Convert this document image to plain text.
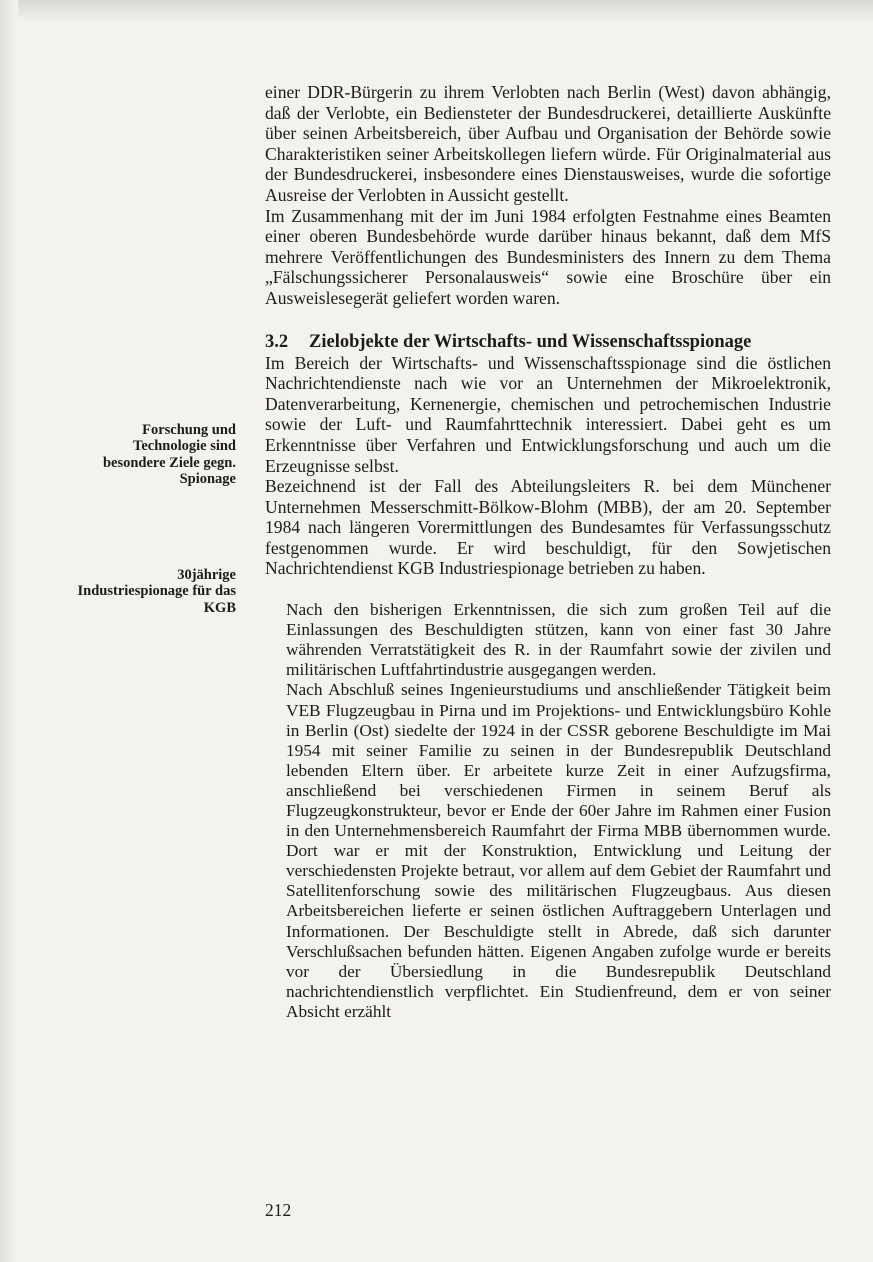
Forschung und Technologie sind besondere Ziele gegn. Spionage
30jährige Industriespionage für das KGB

einer DDR-Bürgerin zu ihrem Verlobten nach Berlin (West) davon abhängig, daß der Verlobte, ein Bediensteter der Bundesdruckerei, detaillierte Auskünfte über seinen Arbeitsbereich, über Aufbau und Organisation der Behörde sowie Charakteristiken seiner Arbeitskollegen liefern würde. Für Originalmaterial aus der Bundesdruckerei, insbesondere eines Dienstausweises, wurde die sofortige Ausreise der Verlobten in Aussicht gestellt.

Im Zusammenhang mit der im Juni 1984 erfolgten Festnahme eines Beamten einer oberen Bundesbehörde wurde darüber hinaus bekannt, daß dem MfS mehrere Veröffentlichungen des Bundesministers des Innern zu dem Thema „Fälschungssicherer Personalausweis“ sowie eine Broschüre über ein Ausweislesegerät geliefert worden waren.

3.2 Zielobjekte der Wirtschafts- und Wissenschaftsspionage

Im Bereich der Wirtschafts- und Wissenschaftsspionage sind die östlichen Nachrichtendienste nach wie vor an Unternehmen der Mikroelektronik, Datenverarbeitung, Kernenergie, chemischen und petrochemischen Industrie sowie der Luft- und Raumfahrttechnik interessiert. Dabei geht es um Erkenntnisse über Verfahren und Entwicklungsforschung und auch um die Erzeugnisse selbst.

Bezeichnend ist der Fall des Abteilungsleiters R. bei dem Münchener Unternehmen Messerschmitt-Bölkow-Blohm (MBB), der am 20. September 1984 nach längeren Vorermittlungen des Bundesamtes für Verfassungsschutz festgenommen wurde. Er wird beschuldigt, für den Sowjetischen Nachrichtendienst KGB Industriespionage betrieben zu haben.

Nach den bisherigen Erkenntnissen, die sich zum großen Teil auf die Einlassungen des Beschuldigten stützen, kann von einer fast 30 Jahre währenden Verratstätigkeit des R. in der Raumfahrt sowie der zivilen und militärischen Luftfahrtindustrie ausgegangen werden.

Nach Abschluß seines Ingenieurstudiums und anschließender Tätigkeit beim VEB Flugzeugbau in Pirna und im Projektions- und Entwicklungsbüro Kohle in Berlin (Ost) siedelte der 1924 in der CSSR geborene Beschuldigte im Mai 1954 mit seiner Familie zu seinen in der Bundesrepublik Deutschland lebenden Eltern über. Er arbeitete kurze Zeit in einer Aufzugsfirma, anschließend bei verschiedenen Firmen in seinem Beruf als Flugzeugkonstrukteur, bevor er Ende der 60er Jahre im Rahmen einer Fusion in den Unternehmensbereich Raumfahrt der Firma MBB übernommen wurde. Dort war er mit der Konstruktion, Entwicklung und Leitung der verschiedensten Projekte betraut, vor allem auf dem Gebiet der Raumfahrt und Satellitenforschung sowie des militärischen Flugzeugbaus. Aus diesen Arbeitsbereichen lieferte er seinen östlichen Auftraggebern Unterlagen und Informationen. Der Beschuldigte stellt in Abrede, daß sich darunter Verschlußsachen befunden hätten. Eigenen Angaben zufolge wurde er bereits vor der Übersiedlung in die Bundesrepublik Deutschland nachrichtendienstlich verpflichtet. Ein Studienfreund, dem er von seiner Absicht erzählt

212
